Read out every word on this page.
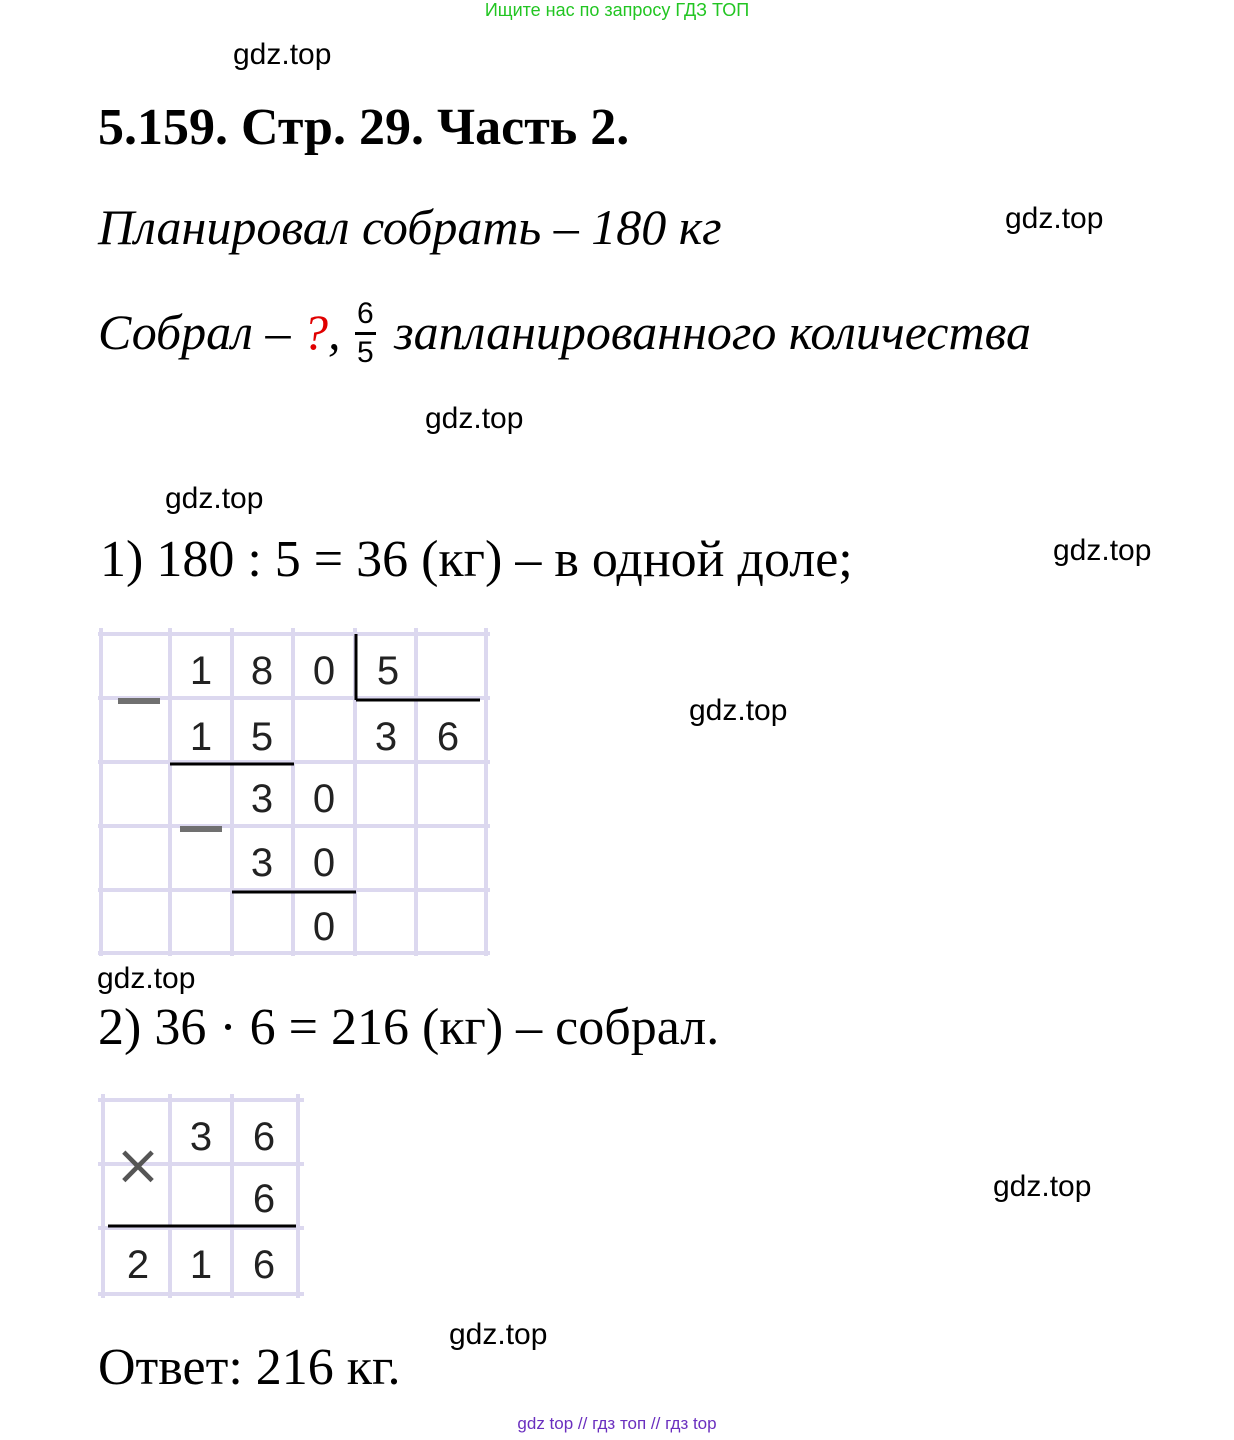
Ищите нас по запросу ГДЗ ТОП
gdz.top
gdz.top
gdz.top
gdz.top
gdz.top
gdz.top
gdz.top
gdz.top
gdz.top
5.159. Стр. 29. Часть 2.
Планировал собрать – 180 кг
Собрал – ?, $\frac{6}{5}$ запланированного количества
1) 180 : 5 = 36 (кг) – в одной доле;
1 8 0 5
1 5	3 6
3 0
3 0
0
2) 36 · 6 = 216 (кг) – собрал.
× 3 6
6
2 1 6
Ответ: 216 кг.
gdz top // гдз топ // гдз top
